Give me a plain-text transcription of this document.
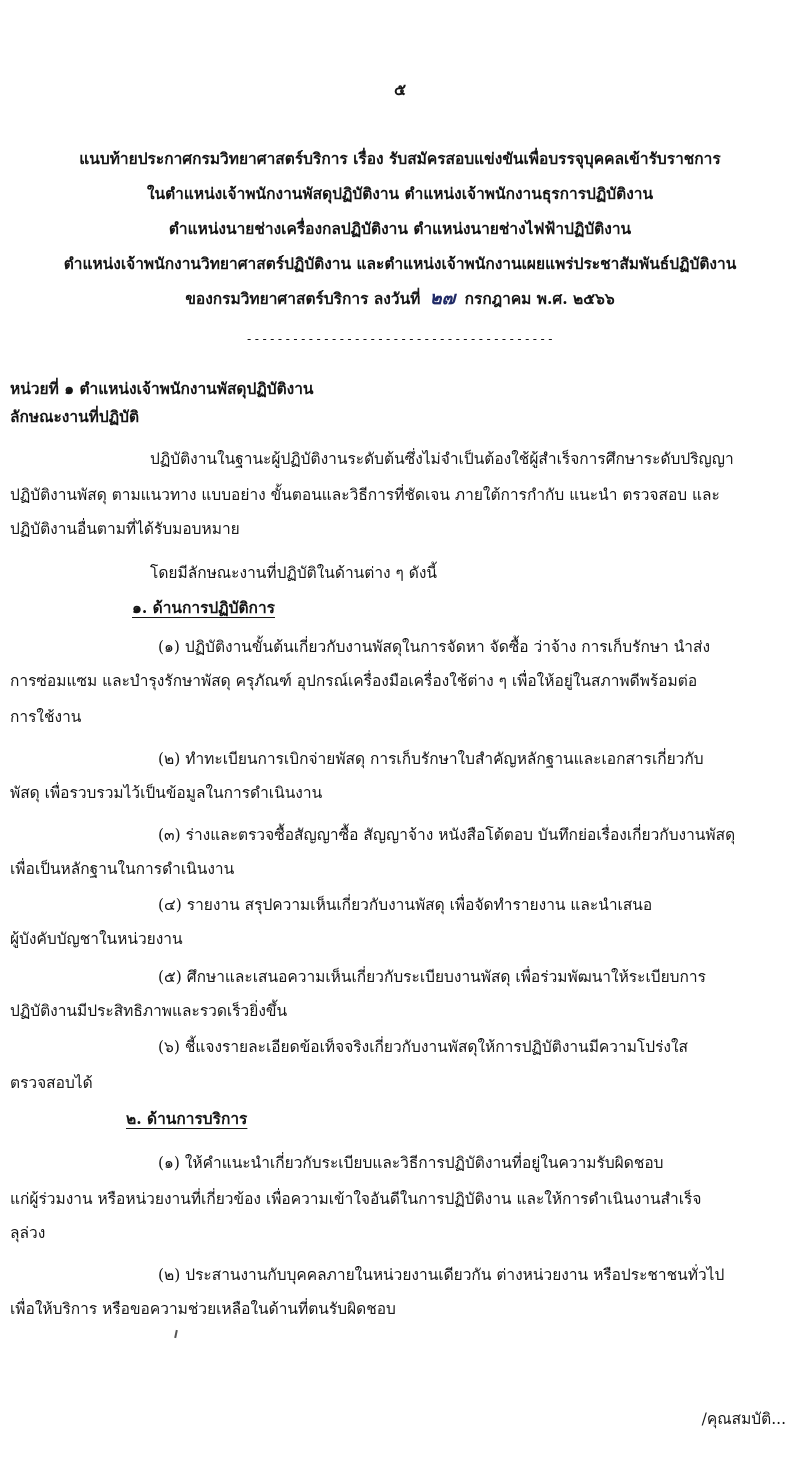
๕
แนบท้ายประกาศกรมวิทยาศาสตร์บริการ เรื่อง รับสมัครสอบแข่งขันเพื่อบรรจุบุคคลเข้ารับราชการ
ในตำแหน่งเจ้าพนักงานพัสดุปฏิบัติงาน ตำแหน่งเจ้าพนักงานธุรการปฏิบัติงาน
ตำแหน่งนายช่างเครื่องกลปฏิบัติงาน ตำแหน่งนายช่างไฟฟ้าปฏิบัติงาน
ตำแหน่งเจ้าพนักงานวิทยาศาสตร์ปฏิบัติงาน และตำแหน่งเจ้าพนักงานเผยแพร่ประชาสัมพันธ์ปฏิบัติงาน
ของกรมวิทยาศาสตร์บริการ ลงวันที่ ๒๗ กรกฎาคม พ.ศ. ๒๕๖๖
----------------------------------------
หน่วยที่ ๑ ตำแหน่งเจ้าพนักงานพัสดุปฏิบัติงาน
ลักษณะงานที่ปฏิบัติ
ปฏิบัติงานในฐานะผู้ปฏิบัติงานระดับต้นซึ่งไม่จำเป็นต้องใช้ผู้สำเร็จการศึกษาระดับปริญญา
ปฏิบัติงานพัสดุ ตามแนวทาง แบบอย่าง ขั้นตอนและวิธีการที่ชัดเจน ภายใต้การกำกับ แนะนำ ตรวจสอบ และ
ปฏิบัติงานอื่นตามที่ได้รับมอบหมาย
โดยมีลักษณะงานที่ปฏิบัติในด้านต่าง ๆ ดังนี้
๑. ด้านการปฏิบัติการ
(๑) ปฏิบัติงานขั้นต้นเกี่ยวกับงานพัสดุในการจัดหา จัดซื้อ ว่าจ้าง การเก็บรักษา นำส่ง
การซ่อมแซม และบำรุงรักษาพัสดุ ครุภัณฑ์ อุปกรณ์เครื่องมือเครื่องใช้ต่าง ๆ เพื่อให้อยู่ในสภาพดีพร้อมต่อ
การใช้งาน
(๒) ทำทะเบียนการเบิกจ่ายพัสดุ การเก็บรักษาใบสำคัญหลักฐานและเอกสารเกี่ยวกับ
พัสดุ เพื่อรวบรวมไว้เป็นข้อมูลในการดำเนินงาน
(๓) ร่างและตรวจซื้อสัญญาซื้อ สัญญาจ้าง หนังสือโต้ตอบ บันทึกย่อเรื่องเกี่ยวกับงานพัสดุ
เพื่อเป็นหลักฐานในการดำเนินงาน
(๔) รายงาน สรุปความเห็นเกี่ยวกับงานพัสดุ เพื่อจัดทำรายงาน และนำเสนอ
ผู้บังคับบัญชาในหน่วยงาน
(๕) ศึกษาและเสนอความเห็นเกี่ยวกับระเบียบงานพัสดุ เพื่อร่วมพัฒนาให้ระเบียบการ
ปฏิบัติงานมีประสิทธิภาพและรวดเร็วยิ่งขึ้น
(๖) ชี้แจงรายละเอียดข้อเท็จจริงเกี่ยวกับงานพัสดุให้การปฏิบัติงานมีความโปร่งใส
ตรวจสอบได้
๒. ด้านการบริการ
(๑) ให้คำแนะนำเกี่ยวกับระเบียบและวิธีการปฏิบัติงานที่อยู่ในความรับผิดชอบ
แก่ผู้ร่วมงาน หรือหน่วยงานที่เกี่ยวข้อง เพื่อความเข้าใจอันดีในการปฏิบัติงาน และให้การดำเนินงานสำเร็จ
ลุล่วง
(๒) ประสานงานกับบุคคลภายในหน่วยงานเดียวกัน ต่างหน่วยงาน หรือประชาชนทั่วไป
เพื่อให้บริการ หรือขอความช่วยเหลือในด้านที่ตนรับผิดชอบ
/คุณสมบัติ...
